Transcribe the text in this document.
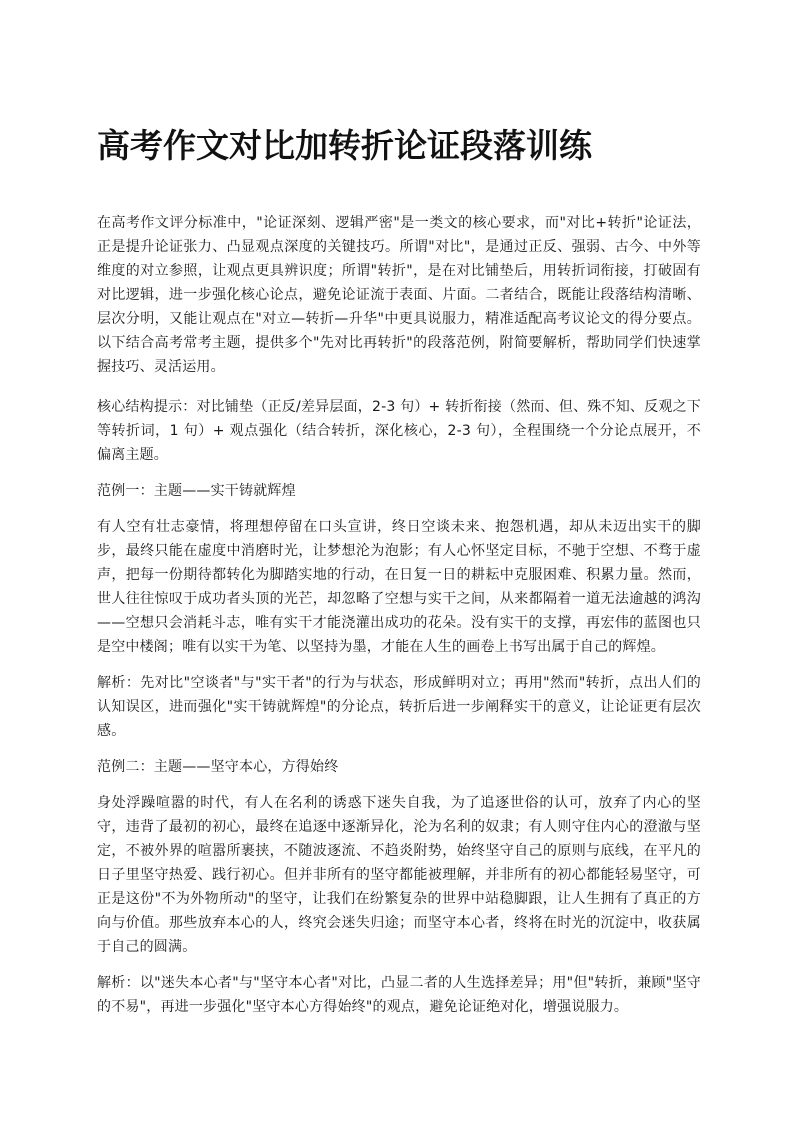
高考作文对比加转折论证段落训练

在高考作文评分标准中，"论证深刻、逻辑严密"是一类文的核心要求，而"对比+转折"论证法，正是提升论证张力、凸显观点深度的关键技巧。所谓"对比"，是通过正反、强弱、古今、中外等维度的对立参照，让观点更具辨识度；所谓"转折"，是在对比铺垫后，用转折词衔接，打破固有对比逻辑，进一步强化核心论点，避免论证流于表面、片面。二者结合，既能让段落结构清晰、层次分明，又能让观点在"对立—转折—升华"中更具说服力，精准适配高考议论文的得分要点。以下结合高考常考主题，提供多个"先对比再转折"的段落范例，附简要解析，帮助同学们快速掌握技巧、灵活运用。

核心结构提示：对比铺垫（正反/差异层面，2-3 句）+ 转折衔接（然而、但、殊不知、反观之下等转折词，1 句）+ 观点强化（结合转折，深化核心，2-3 句），全程围绕一个分论点展开，不偏离主题。

范例一：主题——实干铸就辉煌

有人空有壮志豪情，将理想停留在口头宣讲，终日空谈未来、抱怨机遇，却从未迈出实干的脚步，最终只能在虚度中消磨时光，让梦想沦为泡影；有人心怀坚定目标，不驰于空想、不骛于虚声，把每一份期待都转化为脚踏实地的行动，在日复一日的耕耘中克服困难、积累力量。然而，世人往往惊叹于成功者头顶的光芒，却忽略了空想与实干之间，从来都隔着一道无法逾越的鸿沟——空想只会消耗斗志，唯有实干才能浇灌出成功的花朵。没有实干的支撑，再宏伟的蓝图也只是空中楼阁；唯有以实干为笔、以坚持为墨，才能在人生的画卷上书写出属于自己的辉煌。

解析：先对比"空谈者"与"实干者"的行为与状态，形成鲜明对立；再用"然而"转折，点出人们的认知误区，进而强化"实干铸就辉煌"的分论点，转折后进一步阐释实干的意义，让论证更有层次感。

范例二：主题——坚守本心，方得始终

身处浮躁喧嚣的时代，有人在名利的诱惑下迷失自我，为了追逐世俗的认可，放弃了内心的坚守，违背了最初的初心，最终在追逐中逐渐异化，沦为名利的奴隶；有人则守住内心的澄澈与坚定，不被外界的喧嚣所裹挟，不随波逐流、不趋炎附势，始终坚守自己的原则与底线，在平凡的日子里坚守热爱、践行初心。但并非所有的坚守都能被理解，并非所有的初心都能轻易坚守，可正是这份"不为外物所动"的坚守，让我们在纷繁复杂的世界中站稳脚跟，让人生拥有了真正的方向与价值。那些放弃本心的人，终究会迷失归途；而坚守本心者，终将在时光的沉淀中，收获属于自己的圆满。

解析：以"迷失本心者"与"坚守本心者"对比，凸显二者的人生选择差异；用"但"转折，兼顾"坚守的不易"，再进一步强化"坚守本心方得始终"的观点，避免论证绝对化，增强说服力。
